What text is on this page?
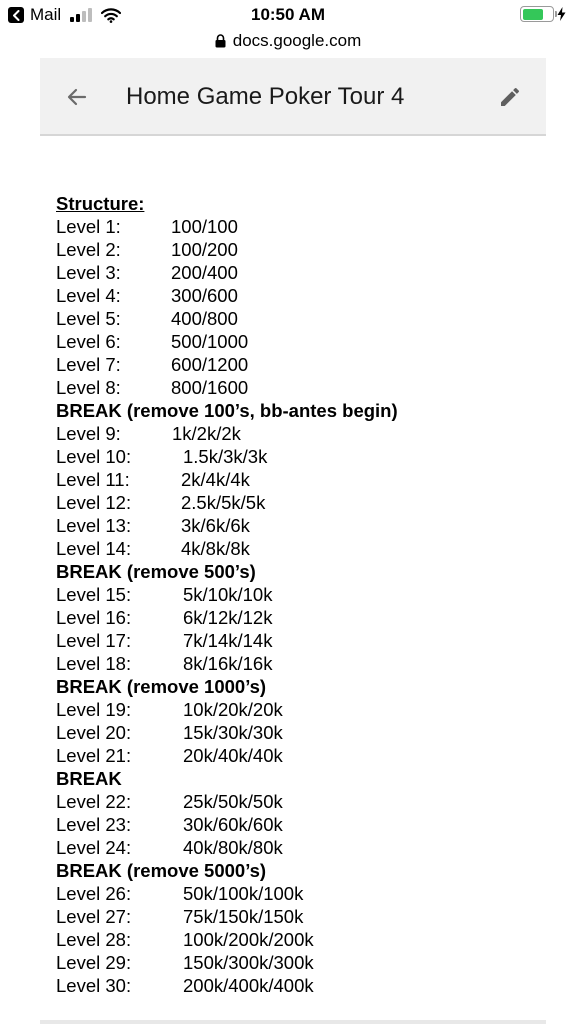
Mail	10:50 AM
docs.google.com
Home Game Poker Tour 4
Structure:
Level 1:	100/100
Level 2:	100/200
Level 3:	200/400
Level 4:	300/600
Level 5:	400/800
Level 6:	500/1000
Level 7:	600/1200
Level 8:	800/1600
BREAK (remove 100’s, bb-antes begin)
Level 9:	1k/2k/2k
Level 10:	1.5k/3k/3k
Level 11:	2k/4k/4k
Level 12:	2.5k/5k/5k
Level 13:	3k/6k/6k
Level 14:	4k/8k/8k
BREAK (remove 500’s)
Level 15:	5k/10k/10k
Level 16:	6k/12k/12k
Level 17:	7k/14k/14k
Level 18:	8k/16k/16k
BREAK (remove 1000’s)
Level 19:	10k/20k/20k
Level 20:	15k/30k/30k
Level 21:	20k/40k/40k
BREAK
Level 22:	25k/50k/50k
Level 23:	30k/60k/60k
Level 24:	40k/80k/80k
BREAK (remove 5000’s)
Level 26:	50k/100k/100k
Level 27:	75k/150k/150k
Level 28:	100k/200k/200k
Level 29:	150k/300k/300k
Level 30:	200k/400k/400k
